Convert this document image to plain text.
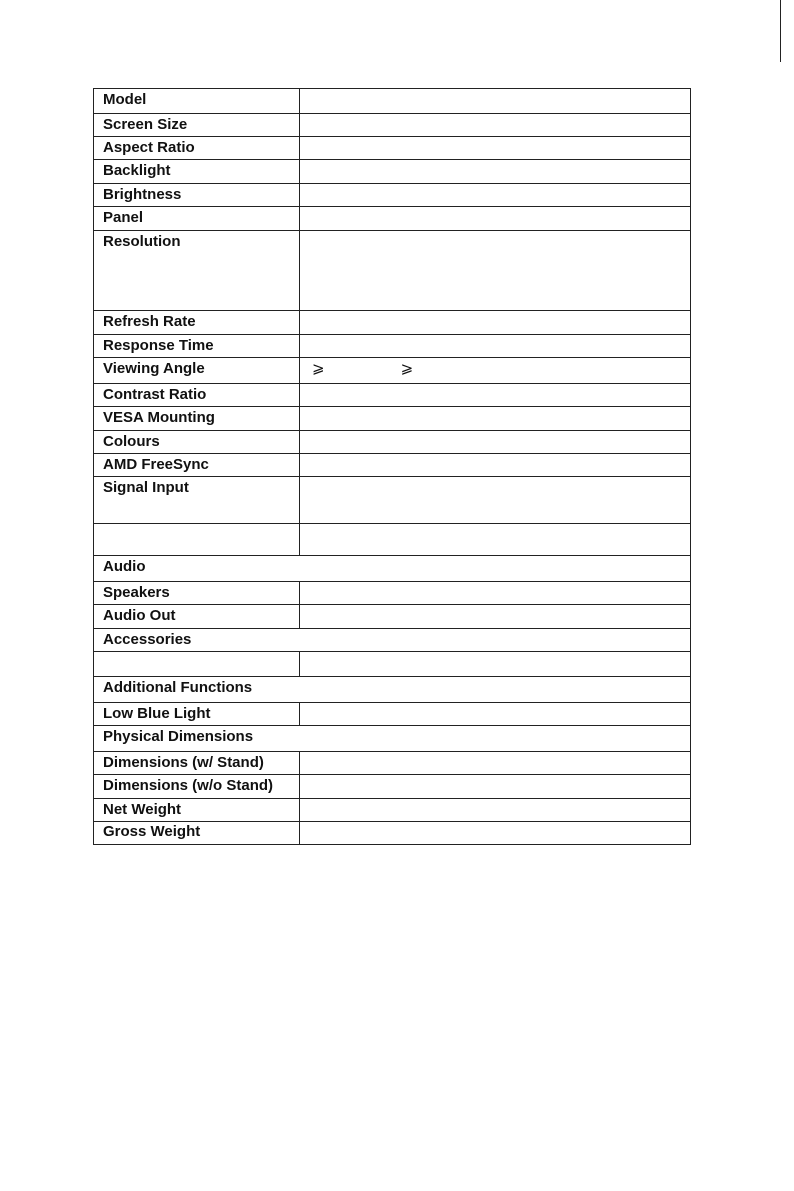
Model	
Screen Size	
Aspect Ratio	
Backlight	
Brightness	
Panel	
Resolution	
Refresh Rate	
Response Time	
Viewing Angle	⩾ ⩾
Contrast Ratio	
VESA Mounting	
Colours	
AMD FreeSync	
Signal Input	

Audio	
Speakers	
Audio Out	
Accessories	

Additional Functions	
Low Blue Light	
Physical Dimensions	
Dimensions (w/ Stand)	
Dimensions (w/o Stand)	
Net Weight	
Gross Weight	
